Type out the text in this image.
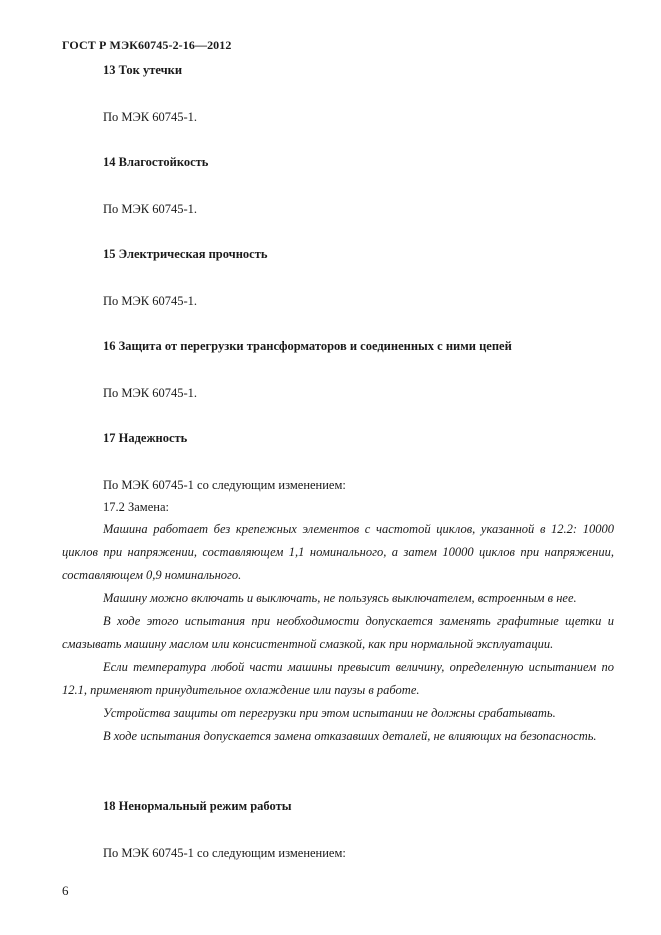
ГОСТ Р МЭК60745-2-16—2012
13 Ток утечки
По МЭК 60745-1.
14 Влагостойкость
По МЭК 60745-1.
15 Электрическая прочность
По МЭК 60745-1.
16 Защита от перегрузки трансформаторов и соединенных с ними цепей
По МЭК 60745-1.
17 Надежность
По МЭК 60745-1 со следующим изменением:
17.2 Замена:

Машина работает без крепежных элементов с частотой циклов, указанной в 12.2: 10000 циклов при напряжении, составляющем 1,1 номинального, а затем 10000 циклов при напряжении, составляющем 0,9 номинального.

Машину можно включать и выключать, не пользуясь выключателем, встроенным в нее.

В ходе этого испытания при необходимости допускается заменять графитные щетки и смазывать машину маслом или консистентной смазкой, как при нормальной эксплуатации.

Если температура любой части машины превысит величину, определенную испытанием по 12.1, применяют принудительное охлаждение или паузы в работе.

Устройства защиты от перегрузки при этом испытании не должны срабатывать.

В ходе испытания допускается замена отказавших деталей, не влияющих на безопасность.

18 Ненормальный режим работы
По МЭК 60745-1 со следующим изменением:
6
